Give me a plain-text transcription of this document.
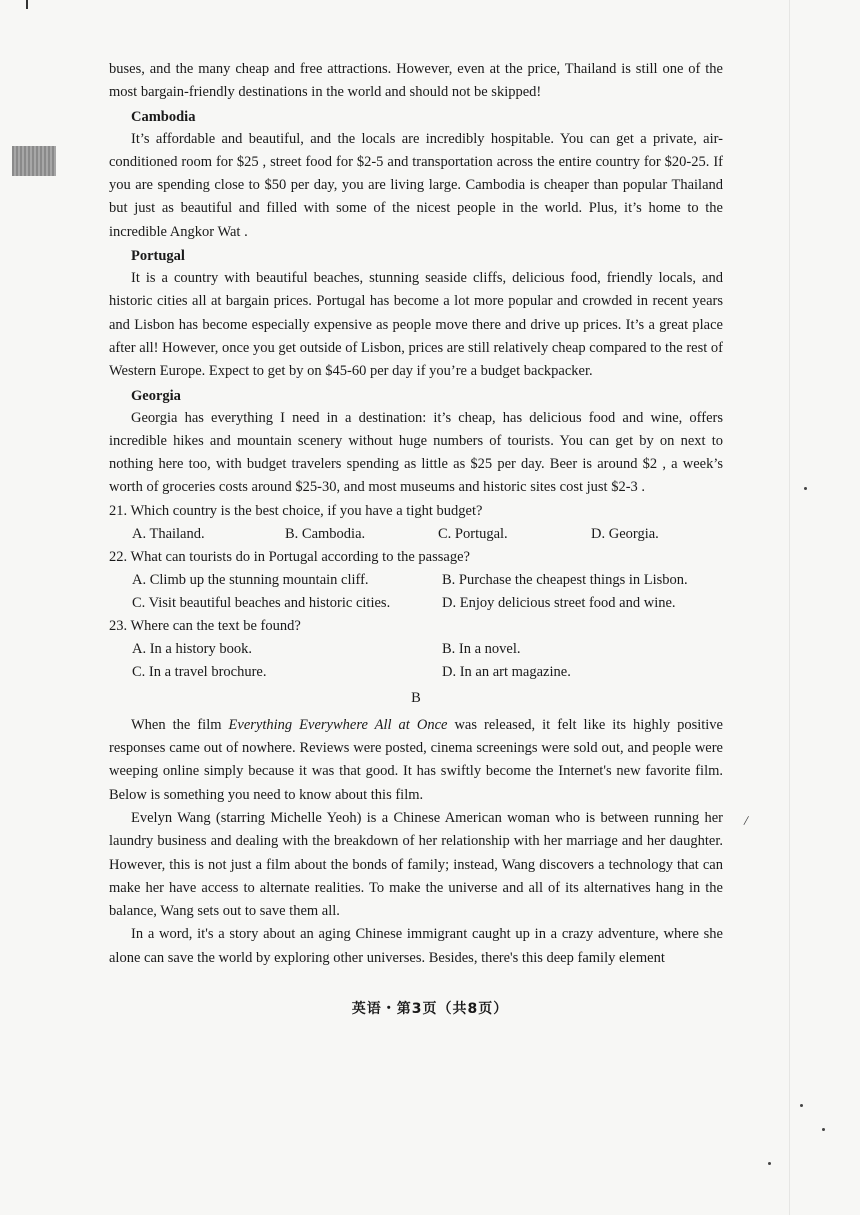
/

buses, and the many cheap and free attractions. However, even at the price, Thailand is still one of the most bargain-friendly destinations in the world and should not be skipped!

Cambodia

It’s affordable and beautiful, and the locals are incredibly hospitable. You can get a private, air-conditioned room for $25 , street food for $2-5 and transportation across the entire country for $20-25. If you are spending close to $50 per day, you are living large. Cambodia is cheaper than popular Thailand but just as beautiful and filled with some of the nicest people in the world. Plus, it’s home to the incredible Angkor Wat .

Portugal

It is a country with beautiful beaches, stunning seaside cliffs, delicious food, friendly locals, and historic cities all at bargain prices. Portugal has become a lot more popular and crowded in recent years and Lisbon has become especially expensive as people move there and drive up prices. It’s a great place after all! However, once you get outside of Lisbon, prices are still relatively cheap compared to the rest of Western Europe. Expect to get by on $45-60 per day if you’re a budget backpacker.

Georgia

Georgia has everything I need in a destination: it’s cheap, has delicious food and wine, offers incredible hikes and mountain scenery without huge numbers of tourists. You can get by on next to nothing here too, with budget travelers spending as little as $25 per day. Beer is around $2 , a week’s worth of groceries costs around $25-30, and most museums and historic sites cost just $2-3 .

21. Which country is the best choice, if you have a tight budget?

A. Thailand.	B. Cambodia.	C. Portugal.	D. Georgia.

22. What can tourists do in Portugal according to the passage?

A. Climb up the stunning mountain cliff.	B. Purchase the cheapest things in Lisbon.
C. Visit beautiful beaches and historic cities.	D. Enjoy delicious street food and wine.

23. Where can the text be found?

A. In a history book.	B. In a novel.
C. In a travel brochure.	D. In an art magazine.
B

When the film Everything Everywhere All at Once was released, it felt like its highly positive responses came out of nowhere. Reviews were posted, cinema screenings were sold out, and people were weeping online simply because it was that good. It has swiftly become the Internet's new favorite film. Below is something you need to know about this film.

Evelyn Wang (starring Michelle Yeoh) is a Chinese American woman who is between running her laundry business and dealing with the breakdown of her relationship with her marriage and her daughter. However, this is not just a film about the bonds of family; instead, Wang discovers a technology that can make her have access to alternate realities. To make the universe and all of its alternatives hang in the balance, Wang sets out to save them all.

In a word, it's a story about an aging Chinese immigrant caught up in a crazy adventure, where she alone can save the world by exploring other universes. Besides, there's this deep family element

英语・第3页（共8页）
